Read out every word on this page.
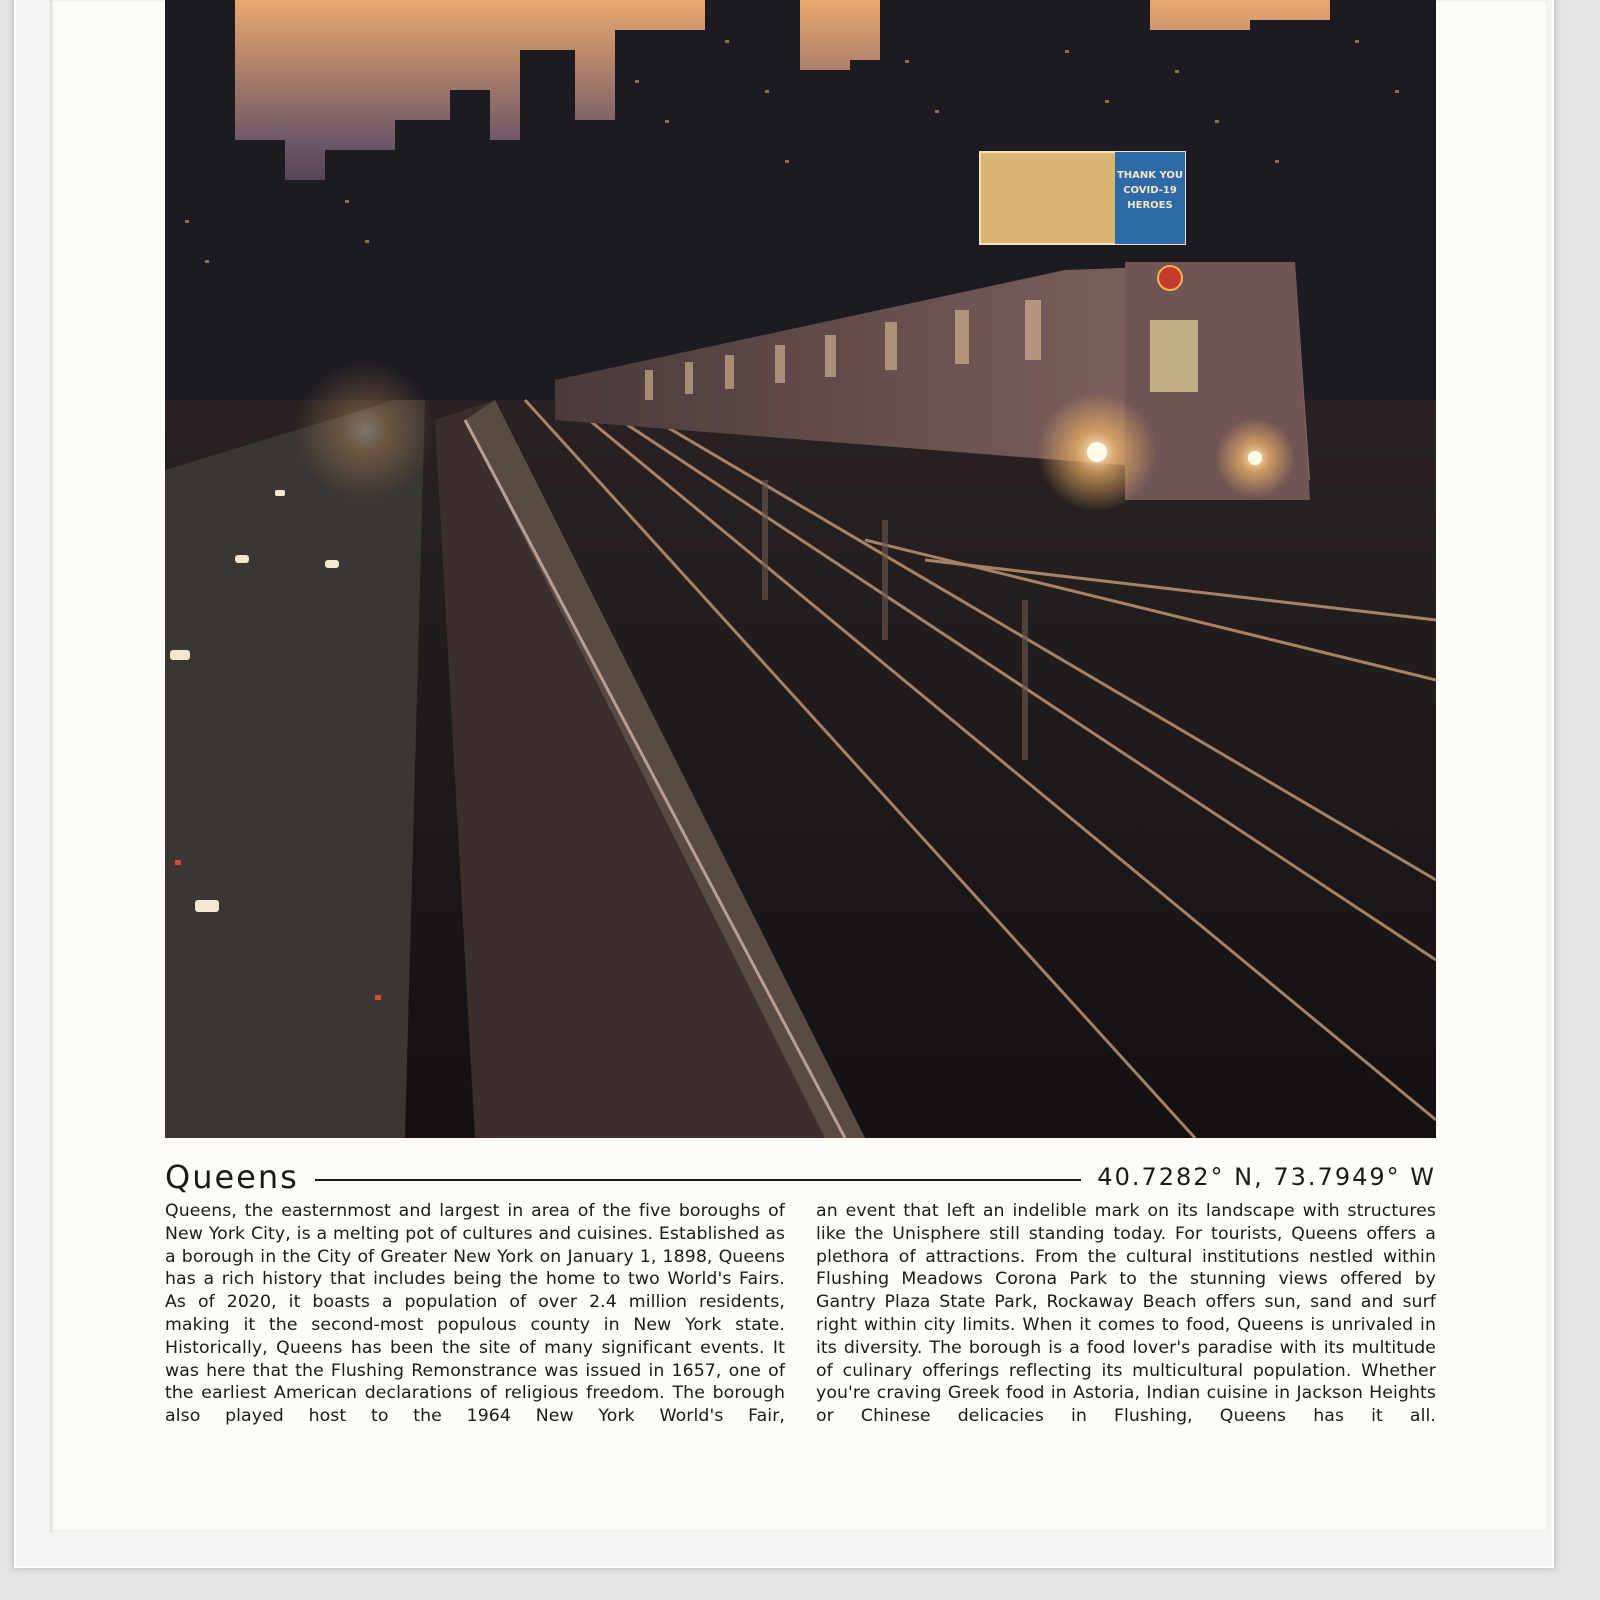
THANK YOU
COVID-19
HEROES
Queens	40.7282° N, 73.7949° W
Queens, the easternmost and largest in area of the five boroughs of New York City, is a melting pot of cultures and cuisines. Established as a borough in the City of Greater New York on January 1, 1898, Queens has a rich history that includes being the home to two World's Fairs. As of 2020, it boasts a population of over 2.4 million residents, making it the second-most populous county in New York state. Historically, Queens has been the site of many significant events. It was here that the Flushing Remonstrance was issued in 1657, one of the earliest American declarations of religious freedom. The borough also played host to the 1964 New York World's Fair,
an event that left an indelible mark on its landscape with structures like the Unisphere still standing today. For tourists, Queens offers a plethora of attractions. From the cultural institutions nestled within Flushing Meadows Corona Park to the stunning views offered by Gantry Plaza State Park, Rockaway Beach offers sun, sand and surf right within city limits. When it comes to food, Queens is unrivaled in its diversity. The borough is a food lover's paradise with its multitude of culinary offerings reflecting its multicultural population. Whether you're craving Greek food in Astoria, Indian cuisine in Jackson Heights or Chinese delicacies in Flushing, Queens has it all.
